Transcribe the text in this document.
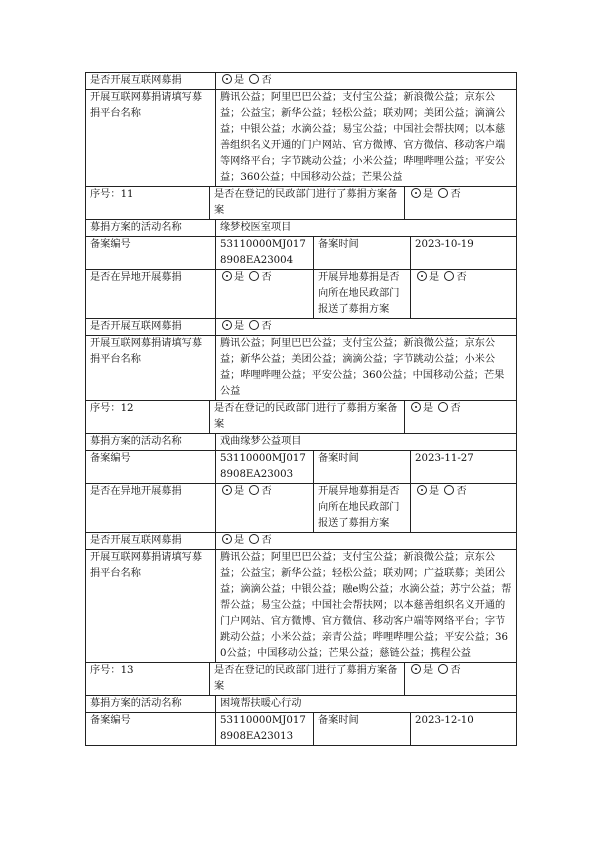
是否开展互联网募捐		是 否			
开展互联网募捐请填写募捐平台名称		腾讯公益；阿里巴巴公益；支付宝公益；新浪微公益；京东公益；公益宝；新华公益；轻松公益；联劝网；美团公益；滴滴公益；中银公益；水滴公益；易宝公益；中国社会帮扶网；以本慈善组织名义开通的门户网站、官方微博、官方微信、移动客户端等网络平台；字节跳动公益；小米公益；哔哩哔哩公益；平安公益；360公益；中国移动公益；芒果公益			
序号：11	是否在登记的民政部门进行了募捐方案备案			是 否	
募捐方案的活动名称		缘梦校医室项目			
备案编号		53110000MJ0178908EA23004	备案时间		2023-10-19
是否在异地开展募捐		是 否	开展异地募捐是否向所在地民政部门报送了募捐方案		是 否
是否开展互联网募捐		是 否			
开展互联网募捐请填写募捐平台名称		腾讯公益；阿里巴巴公益；支付宝公益；新浪微公益；京东公益；新华公益；美团公益；滴滴公益；字节跳动公益；小米公益；哔哩哔哩公益；平安公益；360公益；中国移动公益；芒果公益			
序号：12	是否在登记的民政部门进行了募捐方案备案			是 否	
募捐方案的活动名称		戏曲缘梦公益项目			
备案编号		53110000MJ0178908EA23003	备案时间		2023-11-27
是否在异地开展募捐		是 否	开展异地募捐是否向所在地民政部门报送了募捐方案		是 否
是否开展互联网募捐		是 否			
开展互联网募捐请填写募捐平台名称		腾讯公益；阿里巴巴公益；支付宝公益；新浪微公益；京东公益；公益宝；新华公益；轻松公益；联劝网；广益联募；美团公益；滴滴公益；中银公益；融e购公益；水滴公益；苏宁公益；帮帮公益；易宝公益；中国社会帮扶网；以本慈善组织名义开通的门户网站、官方微博、官方微信、移动客户端等网络平台；字节跳动公益；小米公益；亲青公益；哔哩哔哩公益；平安公益；360公益；中国移动公益；芒果公益；慈链公益；携程公益			
序号：13	是否在登记的民政部门进行了募捐方案备案			是 否	
募捐方案的活动名称		困境帮扶暖心行动			
备案编号		53110000MJ0178908EA23013	备案时间		2023-12-10
